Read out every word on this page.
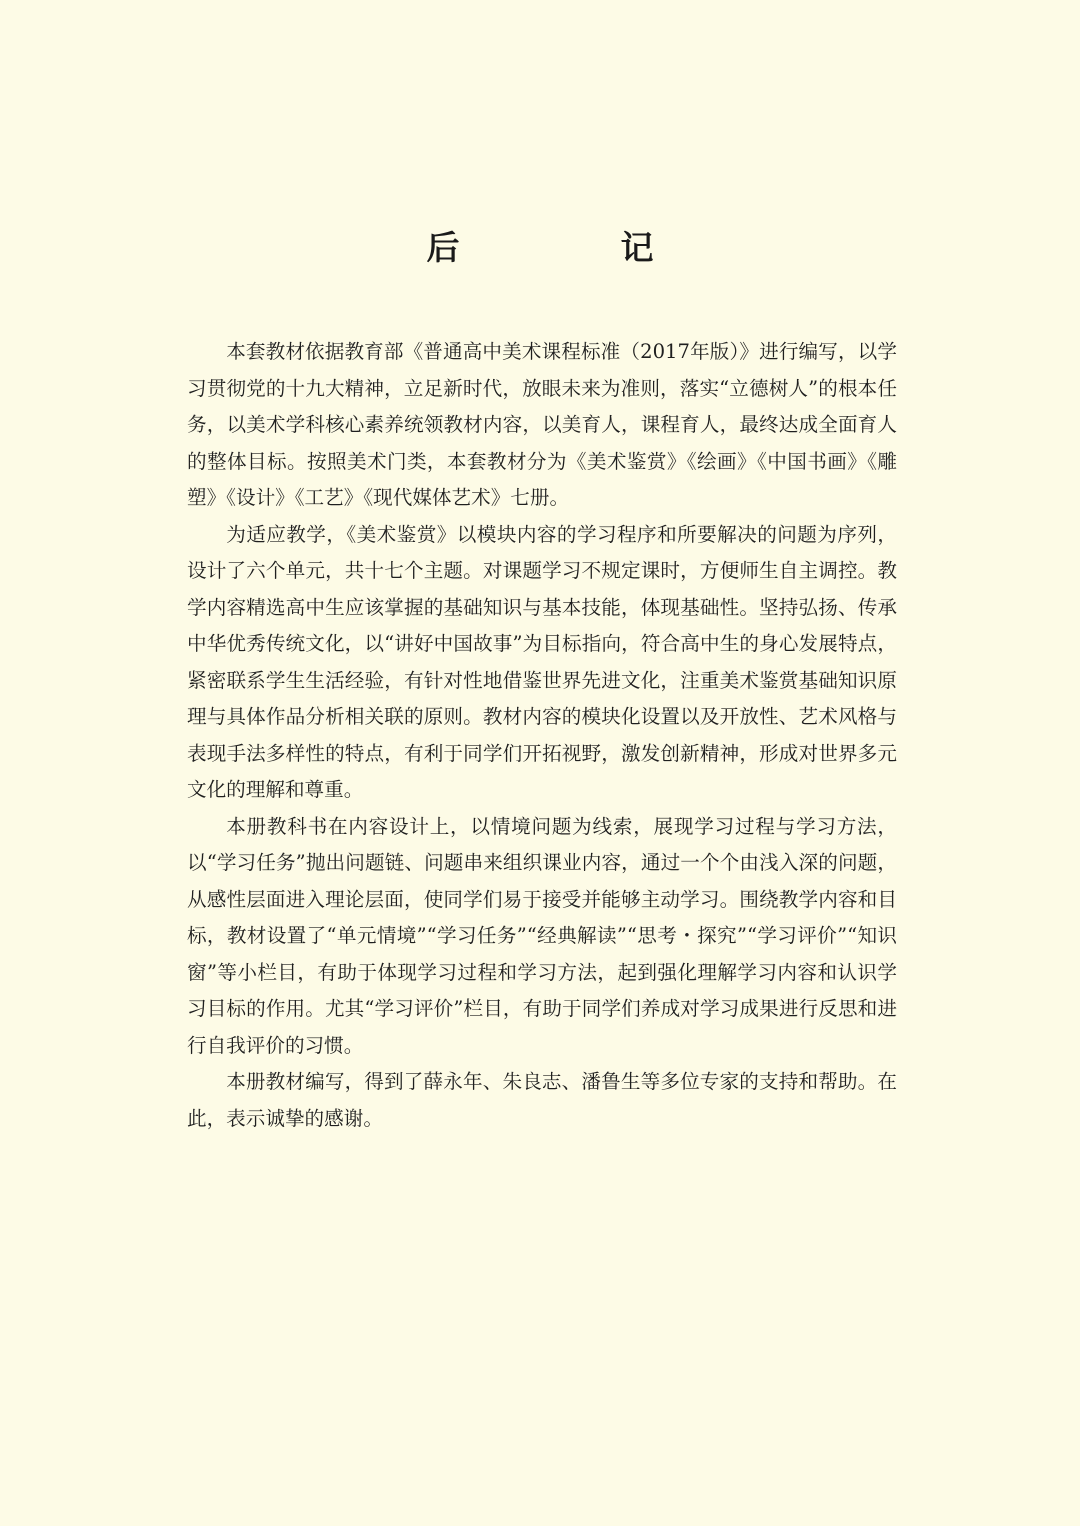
后　记

本套教材依据教育部《普通高中美术课程标准（2017年版）》进行编写，以学习贯彻党的十九大精神，立足新时代，放眼未来为准则，落实“立德树人”的根本任务，以美术学科核心素养统领教材内容，以美育人，课程育人，最终达成全面育人的整体目标。按照美术门类，本套教材分为《美术鉴赏》《绘画》《中国书画》《雕塑》《设计》《工艺》《现代媒体艺术》七册。

为适应教学，《美术鉴赏》以模块内容的学习程序和所要解决的问题为序列，设计了六个单元，共十七个主题。对课题学习不规定课时，方便师生自主调控。教学内容精选高中生应该掌握的基础知识与基本技能，体现基础性。坚持弘扬、传承中华优秀传统文化，以“讲好中国故事”为目标指向，符合高中生的身心发展特点，紧密联系学生生活经验，有针对性地借鉴世界先进文化，注重美术鉴赏基础知识原理与具体作品分析相关联的原则。教材内容的模块化设置以及开放性、艺术风格与表现手法多样性的特点，有利于同学们开拓视野，激发创新精神，形成对世界多元文化的理解和尊重。

本册教科书在内容设计上，以情境问题为线索，展现学习过程与学习方法，以“学习任务”抛出问题链、问题串来组织课业内容，通过一个个由浅入深的问题，从感性层面进入理论层面，使同学们易于接受并能够主动学习。围绕教学内容和目标，教材设置了“单元情境”“学习任务”“经典解读”“思考・探究”“学习评价”“知识窗”等小栏目，有助于体现学习过程和学习方法，起到强化理解学习内容和认识学习目标的作用。尤其“学习评价”栏目，有助于同学们养成对学习成果进行反思和进行自我评价的习惯。

本册教材编写，得到了薛永年、朱良志、潘鲁生等多位专家的支持和帮助。在此，表示诚挚的感谢。
